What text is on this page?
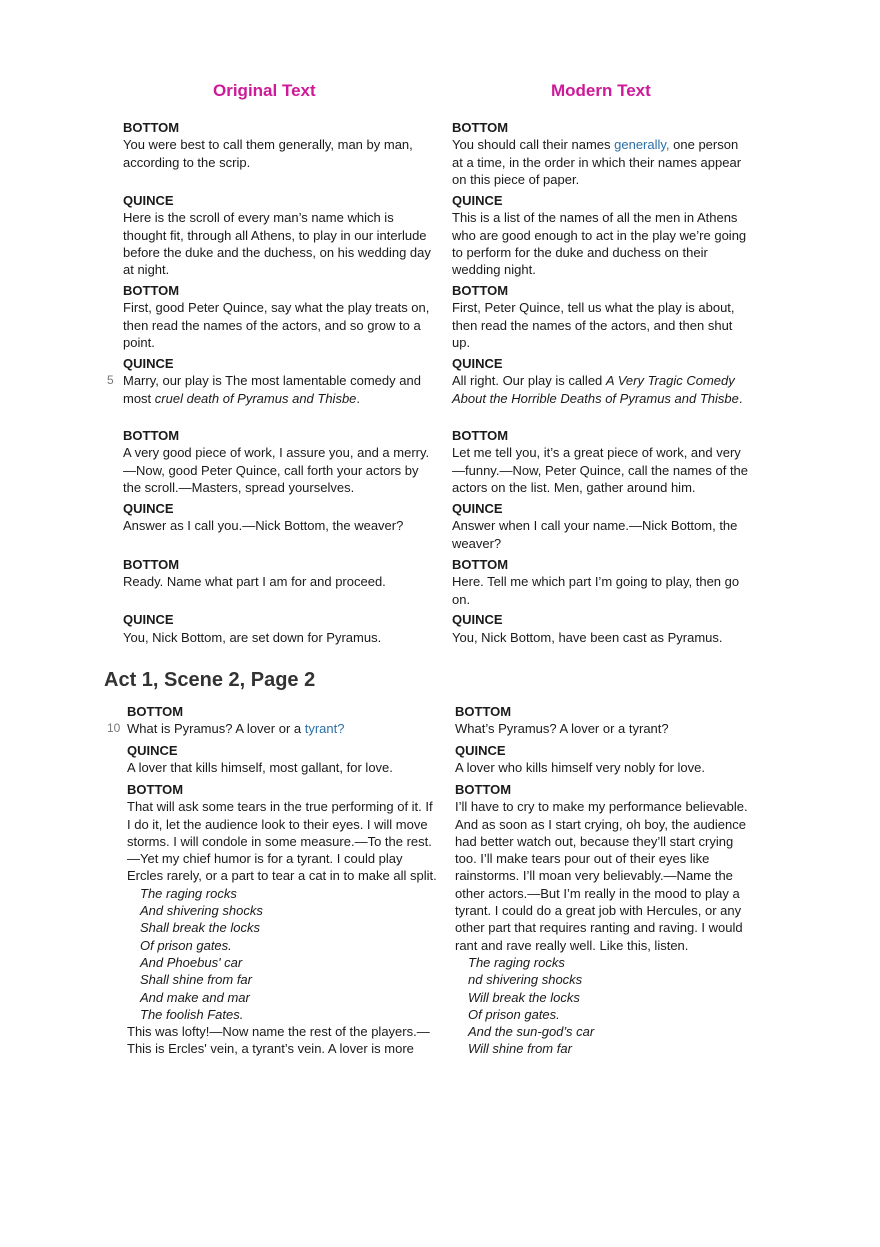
Original Text	Modern Text
BOTTOM
You were best to call them generally, man by man, according to the scrip.
BOTTOM
You should call their names generally, one person at a time, in the order in which their names appear on this piece of paper.
QUINCE
Here is the scroll of every man’s name which is thought fit, through all Athens, to play in our interlude before the duke and the duchess, on his wedding day at night.
QUINCE
This is a list of the names of all the men in Athens who are good enough to act in the play we’re going to perform for the duke and duchess on their wedding night.
BOTTOM
First, good Peter Quince, say what the play treats on, then read the names of the actors, and so grow to a point.
BOTTOM
First, Peter Quince, tell us what the play is about, then read the names of the actors, and then shut up.
5
QUINCE
Marry, our play is The most lamentable comedy and most cruel death of Pyramus and Thisbe.
QUINCE
All right. Our play is called A Very Tragic Comedy About the Horrible Deaths of Pyramus and Thisbe.
BOTTOM
A very good piece of work, I assure you, and a merry.—Now, good Peter Quince, call forth your actors by the scroll.—Masters, spread yourselves.
BOTTOM
Let me tell you, it’s a great piece of work, and very—funny.—Now, Peter Quince, call the names of the actors on the list. Men, gather around him.
QUINCE
Answer as I call you.—Nick Bottom, the weaver?
QUINCE
Answer when I call your name.—Nick Bottom, the weaver?
BOTTOM
Ready. Name what part I am for and proceed.
BOTTOM
Here. Tell me which part I’m going to play, then go on.
QUINCE
You, Nick Bottom, are set down for Pyramus.
QUINCE
You, Nick Bottom, have been cast as Pyramus.
Act 1, Scene 2, Page 2
10
BOTTOM
What is Pyramus? A lover or a tyrant?
BOTTOM
What’s Pyramus? A lover or a tyrant?
QUINCE
A lover that kills himself, most gallant, for love.
QUINCE
A lover who kills himself very nobly for love.
BOTTOM
That will ask some tears in the true performing of it. If I do it, let the audience look to their eyes. I will move storms. I will condole in some measure.—To the rest.—Yet my chief humor is for a tyrant. I could play Ercles rarely, or a part to tear a cat in to make all split.
The raging rocks
And shivering shocks
Shall break the locks
Of prison gates.
And Phoebus' car
Shall shine from far
And make and mar
The foolish Fates.
This was lofty!—Now name the rest of the players.—This is Ercles' vein, a tyrant’s vein. A lover is more
BOTTOM
I’ll have to cry to make my performance believable. And as soon as I start crying, oh boy, the audience had better watch out, because they’ll start crying too. I’ll make tears pour out of their eyes like rainstorms. I’ll moan very believably.—Name the other actors.—But I’m really in the mood to play a tyrant. I could do a great job with Hercules, or any other part that requires ranting and raving. I would rant and rave really well. Like this, listen.
The raging rocks
nd shivering shocks
Will break the locks
Of prison gates.
And the sun-god’s car
Will shine from far
